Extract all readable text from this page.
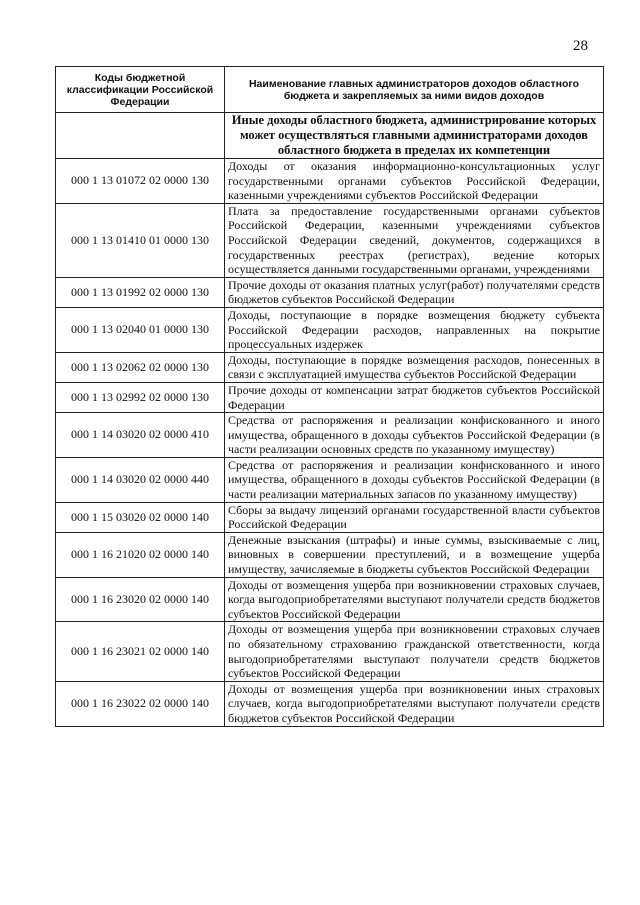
28
Коды бюджетной классификации Российской Федерации	Наименование главных администраторов доходов областного бюджета и закрепляемых за ними видов доходов
	Иные доходы областного бюджета, администрирование которых может осуществляться главными администраторами доходов областного бюджета в пределах их компетенции
000 1 13 01072 02 0000 130	Доходы от оказания информационно-консультационных услуг государственными органами субъектов Российской Федерации, казенными учреждениями субъектов Российской Федерации
000 1 13 01410 01 0000 130	Плата за предоставление государственными органами субъектов Российской Федерации, казенными учреждениями субъектов Российской Федерации сведений, документов, содержащихся в государственных реестрах (регистрах), ведение которых осуществляется данными государственными органами, учреждениями
000 1 13 01992 02 0000 130	Прочие доходы от оказания платных услуг(работ) получателями средств бюджетов субъектов Российской Федерации
000 1 13 02040 01 0000 130	Доходы, поступающие в порядке возмещения бюджету субъекта Российской Федерации расходов, направленных на покрытие процессуальных издержек
000 1 13 02062 02 0000 130	Доходы, поступающие в порядке возмещения расходов, понесенных в связи с эксплуатацией имущества субъектов Российской Федерации
000 1 13 02992 02 0000 130	Прочие доходы от компенсации затрат бюджетов субъектов Российской Федерации
000 1 14 03020 02 0000 410	Средства от распоряжения и реализации конфискованного и иного имущества, обращенного в доходы субъектов Российской Федерации (в части реализации основных средств по указанному имуществу)
000 1 14 03020 02 0000 440	Средства от распоряжения и реализации конфискованного и иного имущества, обращенного в доходы субъектов Российской Федерации (в части реализации материальных запасов по указанному имуществу)
000 1 15 03020 02 0000 140	Сборы за выдачу лицензий органами государственной власти субъектов Российской Федерации
000 1 16 21020 02 0000 140	Денежные взыскания (штрафы) и иные суммы, взыскиваемые с лиц, виновных в совершении преступлений, и в возмещение ущерба имуществу, зачисляемые в бюджеты субъектов Российской Федерации
000 1 16 23020 02 0000 140	Доходы от возмещения ущерба при возникновении страховых случаев, когда выгодоприобретателями выступают получатели средств бюджетов субъектов Российской Федерации
000 1 16 23021 02 0000 140	Доходы от возмещения ущерба при возникновении страховых случаев по обязательному страхованию гражданской ответственности, когда выгодоприобретателями выступают получатели средств бюджетов субъектов Российской Федерации
000 1 16 23022 02 0000 140	Доходы от возмещения ущерба при возникновении иных страховых случаев, когда выгодоприобретателями выступают получатели средств бюджетов субъектов Российской Федерации
